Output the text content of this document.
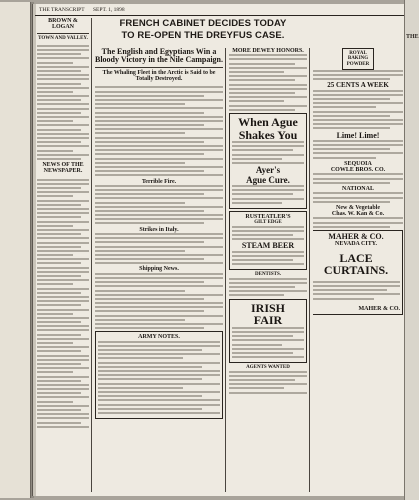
THE TRANSCRIPT SEPT. 1, 1898
FRENCH CABINET DECIDES TODAY
TO RE-OPEN THE DREYFUS CASE.
BROWN & LOGAN
TOWN AND VALLEY.
NEWS OF THE NEWSPAPER.
The English and Egyptians Win a Bloody Victory in the Nile Campaign.
The Whaling Fleet in the Arctic is Said to be Totally Destroyed.
Terrible Fire.
Strikes in Italy.
Shipping News.
ARMY NOTES.
MORE DEWEY HONORS.
When Ague
Shakes You
Ayer's
Ague Cure.
RUSTEATLER'S
GILT EDGE
STEAM BEER
DENTISTS.
IRISH
FAIR
AGENTS WANTED
ROYAL
BAKING POWDER
25 CENTS A WEEK
Lime! Lime!
SEQUOIA
COWLE BROS. CO.
NATIONAL
New & Vegetable
Chas. W. Kan & Co.
MAHER & CO.
NEVADA CITY.
LACE CURTAINS.
MAHER & CO.
THE
